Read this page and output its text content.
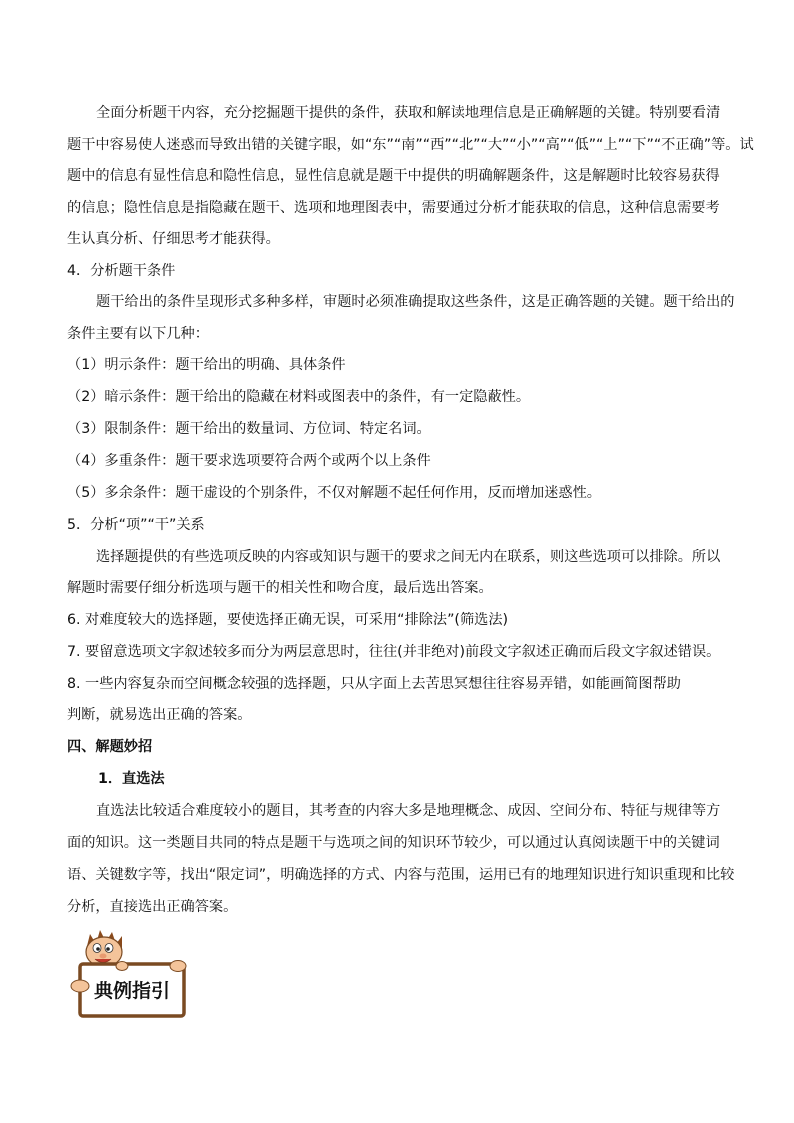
全面分析题干内容，充分挖掘题干提供的条件，获取和解读地理信息是正确解题的关键。特别要看清
题干中容易使人迷惑而导致出错的关键字眼，如“东”“南”“西”“北”“大”“小”“高”“低”“上”“下”“不正确”等。试
题中的信息有显性信息和隐性信息，显性信息就是题干中提供的明确解题条件，这是解题时比较容易获得
的信息；隐性信息是指隐藏在题干、选项和地理图表中，需要通过分析才能获取的信息，这种信息需要考
生认真分析、仔细思考才能获得。
4．分析题干条件
题干给出的条件呈现形式多种多样，审题时必须准确提取这些条件，这是正确答题的关键。题干给出的
条件主要有以下几种：
（1）明示条件：题干给出的明确、具体条件
（2）暗示条件：题干给出的隐藏在材料或图表中的条件，有一定隐蔽性。
（3）限制条件：题干给出的数量词、方位词、特定名词。
（4）多重条件：题干要求选项要符合两个或两个以上条件
（5）多余条件：题干虚设的个别条件，不仅对解题不起任何作用，反而增加迷惑性。
5．分析“项”“干”关系
选择题提供的有些选项反映的内容或知识与题干的要求之间无内在联系，则这些选项可以排除。所以
解题时需要仔细分析选项与题干的相关性和吻合度，最后选出答案。
6. 对难度较大的选择题，要使选择正确无误，可采用“排除法”(筛选法)
7. 要留意选项文字叙述较多而分为两层意思时，往往(并非绝对)前段文字叙述正确而后段文字叙述错误。
8. 一些内容复杂而空间概念较强的选择题，只从字面上去苦思冥想往往容易弄错，如能画简图帮助
判断，就易选出正确的答案。
四、解题妙招
1．直选法
直选法比较适合难度较小的题目，其考查的内容大多是地理概念、成因、空间分布、特征与规律等方
面的知识。这一类题目共同的特点是题干与选项之间的知识环节较少，可以通过认真阅读题干中的关键词
语、关键数字等，找出“限定词”，明确选择的方式、内容与范围，运用已有的地理知识进行知识重现和比较
分析，直接选出正确答案。
典例指引
